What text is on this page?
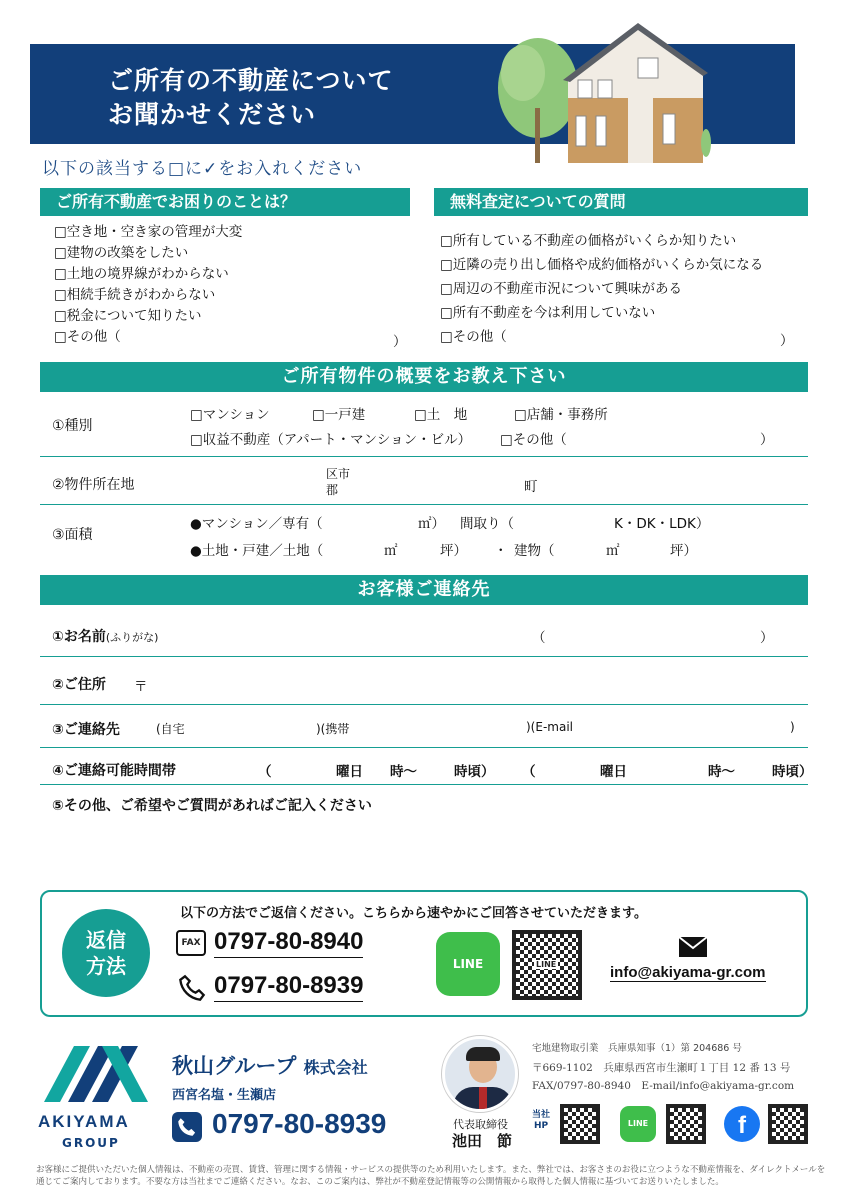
ご所有の不動産について
お聞かせください
以下の該当する□に✓をお入れください
ご所有不動産でお困りのことは？
□空き地・空き家の管理が大変
□建物の改築をしたい
□土地の境界線がわからない
□相続手続きがわからない
□税金について知りたい
□その他（	）
無料査定についての質問
□所有している不動産の価格がいくらか知りたい
□近隣の売り出し価格や成約価格がいくらか気になる
□周辺の不動産市況について興味がある
□所有不動産を今は利用していない
□その他（	）
ご所有物件の概要をお教え下さい
①種別
□マンション	□一戸建	□土　地	□店舗・事務所
□収益不動産（アパート・マンション・ビル） □その他（	）
②物件所在地
区市
郡	町
③面積
●マンション／専有（	㎡） 間取り（	K・DK・LDK）
●土地・戸建／土地（	㎡	坪） ・ 建物（	㎡	坪）
お客様ご連絡先
①お名前(ふりがな)	（	）
②ご住所 〒
③ご連絡先	(自宅	)(携帯	)(E-mail	)
④ご連絡可能時間帯	（	曜日 時～	時頃） （	曜日	時～	時頃）
⑤その他、ご希望やご質問があればご記入ください
返信
方法
以下の方法でご返信ください。こちらから速やかにご回答させていただきます。
FAX 0797-80-8940
0797-80-8939
LINE	LINE	info@akiyama-gr.com
AKIYAMA
GROUP
秋山グループ 株式会社
西宮名塩・生瀬店
0797-80-8939	代表取締役
池田　節
宅地建物取引業　兵庫県知事（1）第 204686 号
〒669-1102　兵庫県西宮市生瀬町１丁目 12 番 13 号
FAX/0797-80-8940　E-mail/info@akiyama-gr.com
当社
HP	LINE	f
お客様にご提供いただいた個人情報は、不動産の売買、賃貸、管理に関する情報・サービスの提供等のため利用いたします。また、弊社では、お客さまのお役に立つような不動産情報を、ダイレクトメールを通じてご案内しております。不要な方は当社までご連絡ください。なお、このご案内は、弊社が不動産登記情報等の公開情報から取得した個人情報に基づいてお送りいたしました。
